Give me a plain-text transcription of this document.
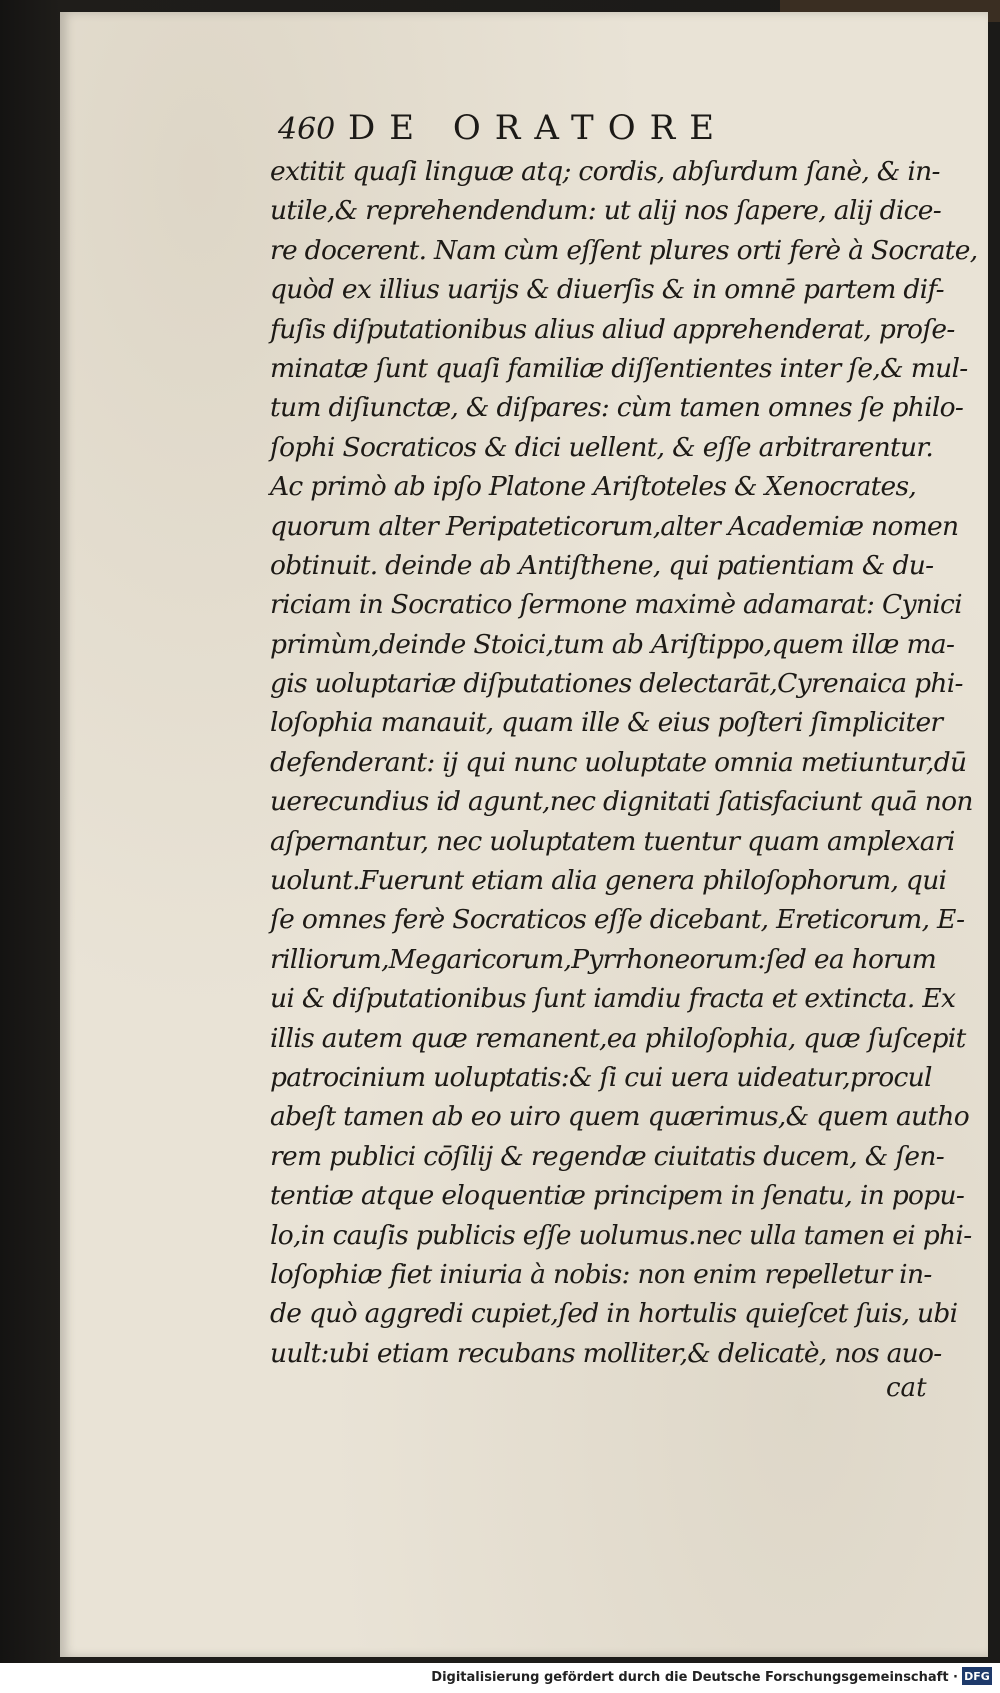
460 DE ORATORE
extitit quaſi linguæ atq; cordis, abſurdum ſanè, & in-
utile,& reprehendendum: ut alij nos ſapere, alij dice-
re docerent. Nam cùm eſſent plures orti ferè à Socrate,
quòd ex illius uarijs & diuerſis & in omnē partem dif-
fuſis diſputationibus alius aliud apprehenderat, proſe-
minatæ ſunt quaſi familiæ diſſentientes inter ſe,& mul-
tum diſiunctæ, & diſpares: cùm tamen omnes ſe philo-
ſophi Socraticos & dici uellent, & eſſe arbitrarentur.
Ac primò ab ipſo Platone Ariſtoteles & Xenocrates,
quorum alter Peripateticorum,alter Academiæ nomen
obtinuit. deinde ab Antiſthene, qui patientiam & du-
riciam in Socratico ſermone maximè adamarat: Cynici
primùm,deinde Stoici,tum ab Ariſtippo,quem illæ ma-
gis uoluptariæ diſputationes delectarāt,Cyrenaica phi-
loſophia manauit, quam ille & eius poſteri ſimpliciter
defenderant: ij qui nunc uoluptate omnia metiuntur,dū
uerecundius id agunt,nec dignitati ſatisfaciunt quā non
aſpernantur, nec uoluptatem tuentur quam amplexari
uolunt.Fuerunt etiam alia genera philoſophorum, qui
ſe omnes ferè Socraticos eſſe dicebant, Ereticorum, E-
rilliorum,Megaricorum,Pyrrhoneorum:ſed ea horum
ui & diſputationibus ſunt iamdiu fracta et extincta. Ex
illis autem quæ remanent,ea philoſophia, quæ ſuſcepit
patrocinium uoluptatis:& ſi cui uera uideatur,procul
abeſt tamen ab eo uiro quem quærimus,& quem autho
rem publici cōſilij & regendæ ciuitatis ducem, & ſen-
tentiæ atque eloquentiæ principem in ſenatu, in popu-
lo,in cauſis publicis eſſe uolumus.nec ulla tamen ei phi-
loſophiæ fiet iniuria à nobis: non enim repelletur in-
de quò aggredi cupiet,ſed in hortulis quieſcet ſuis, ubi
uult:ubi etiam recubans molliter,& delicatè, nos auo-
cat
Digitalisierung gefördert durch die Deutsche Forschungsgemeinschaft · DFG
